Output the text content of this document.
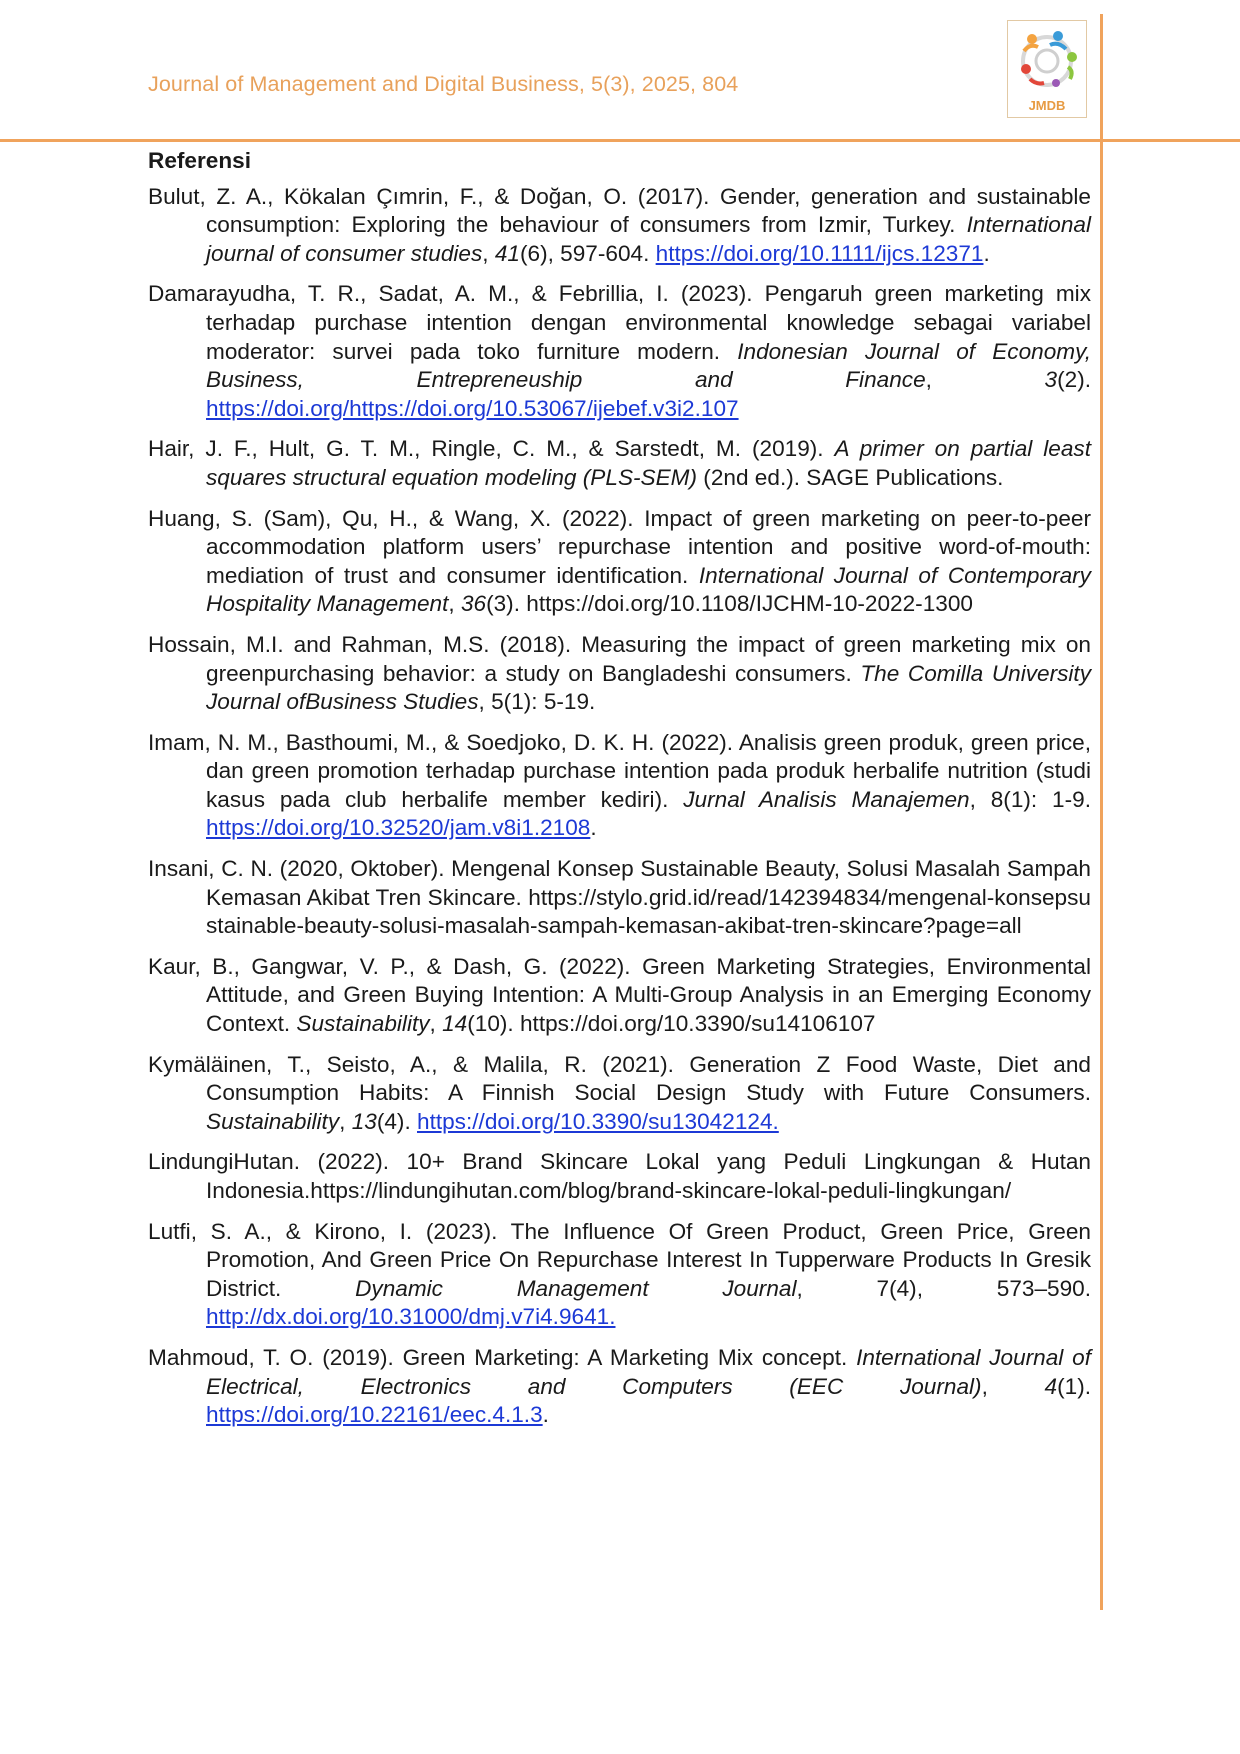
Journal of Management and Digital Business, 5(3), 2025, 804
JMDB
Referensi
Bulut, Z. A., Kökalan Çımrin, F., & Doğan, O. (2017). Gender, generation and sustainable consumption: Exploring the behaviour of consumers from Izmir, Turkey. International journal of consumer studies, 41(6), 597-604. https://doi.org/10.1111/ijcs.12371.
Damarayudha, T. R., Sadat, A. M., & Febrillia, I. (2023). Pengaruh green marketing mix terhadap purchase intention dengan environmental knowledge sebagai variabel moderator: survei pada toko furniture modern. Indonesian Journal of Economy, Business, Entrepreneuship and Finance, 3(2). https://doi.org/https://doi.org/10.53067/ijebef.v3i2.107
Hair, J. F., Hult, G. T. M., Ringle, C. M., & Sarstedt, M. (2019). A primer on partial least squares structural equation modeling (PLS-SEM) (2nd ed.). SAGE Publications.
Huang, S. (Sam), Qu, H., & Wang, X. (2022). Impact of green marketing on peer-to-peer accommodation platform users’ repurchase intention and positive word-of-mouth: mediation of trust and consumer identification. International Journal of Contemporary Hospitality Management, 36(3). https://doi.org/10.1108/IJCHM-10-2022-1300
Hossain, M.I. and Rahman, M.S. (2018). Measuring the impact of green marketing mix on greenpurchasing behavior: a study on Bangladeshi consumers. The Comilla University Journal ofBusiness Studies, 5(1): 5-19.
Imam, N. M., Basthoumi, M., & Soedjoko, D. K. H. (2022). Analisis green produk, green price, dan green promotion terhadap purchase intention pada produk herbalife nutrition (studi kasus pada club herbalife member kediri). Jurnal Analisis Manajemen, 8(1): 1-9. https://doi.org/10.32520/jam.v8i1.2108.
Insani, C. N. (2020, Oktober). Mengenal Konsep Sustainable Beauty, Solusi Masalah Sampah Kemasan Akibat Tren Skincare. https://stylo.grid.id/read/142394834/mengenal-konsepsustainable-beauty-solusi-masalah-sampah-kemasan-akibat-tren-skincare?page=all
Kaur, B., Gangwar, V. P., & Dash, G. (2022). Green Marketing Strategies, Environmental Attitude, and Green Buying Intention: A Multi-Group Analysis in an Emerging Economy Context. Sustainability, 14(10). https://doi.org/10.3390/su14106107
Kymäläinen, T., Seisto, A., & Malila, R. (2021). Generation Z Food Waste, Diet and Consumption Habits: A Finnish Social Design Study with Future Consumers. Sustainability, 13(4). https://doi.org/10.3390/su13042124.
LindungiHutan. (2022). 10+ Brand Skincare Lokal yang Peduli Lingkungan & Hutan Indonesia.https://lindungihutan.com/blog/brand-skincare-lokal-peduli-lingkungan/
Lutfi, S. A., & Kirono, I. (2023). The Influence Of Green Product, Green Price, Green Promotion, And Green Price On Repurchase Interest In Tupperware Products In Gresik District. Dynamic Management Journal, 7(4), 573–590. http://dx.doi.org/10.31000/dmj.v7i4.9641.
Mahmoud, T. O. (2019). Green Marketing: A Marketing Mix concept. International Journal of Electrical, Electronics and Computers (EEC Journal), 4(1). https://doi.org/10.22161/eec.4.1.3.
